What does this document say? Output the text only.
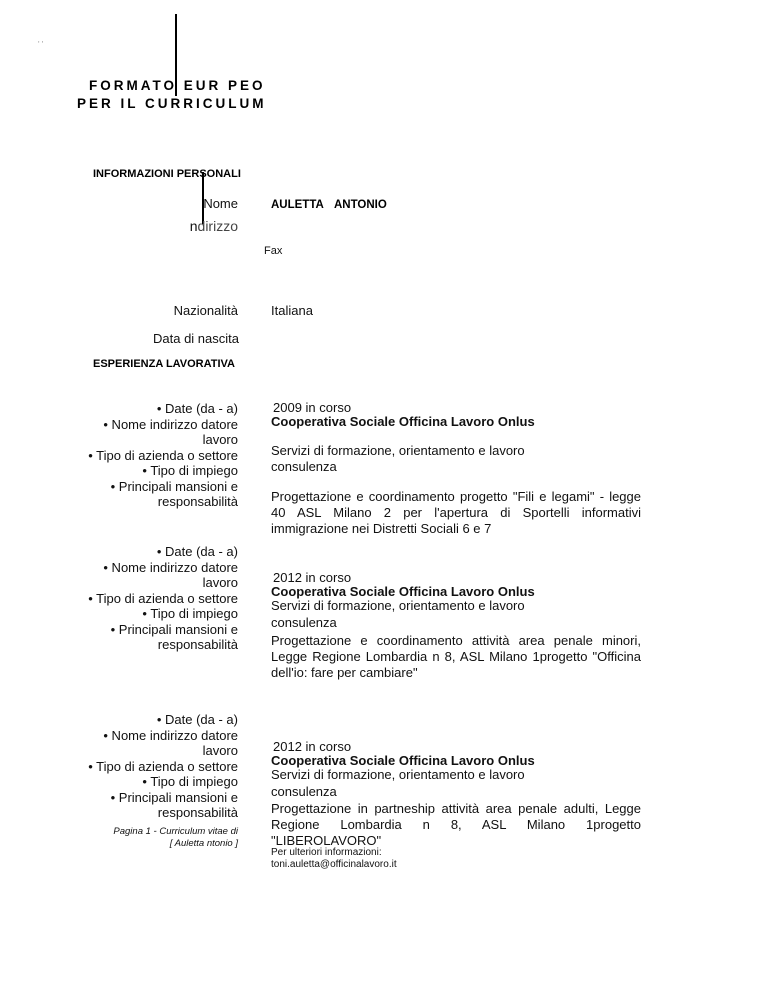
' '
FORMATO EUR PEO
PER IL CURRICULUM
INFORMAZIONI PERSONALI
Nome	AULETTA ANTONIO
ndirizzo
Fax
Nazionalità	Italiana
Data di nascita
ESPERIENZA LAVORATIVA
• Date (da - a)
• Nome indirizzo datore
lavoro
• Tipo di azienda o settore
• Tipo di impiego
• Principali mansioni e
responsabilità
2009 in corso
Cooperativa Sociale Officina Lavoro Onlus
Servizi di formazione, orientamento e lavoro
consulenza
Progettazione e coordinamento progetto "Fili e legami" - legge 40 ASL Milano 2 per l'apertura di Sportelli informativi immigrazione nei Distretti Sociali 6 e 7
• Date (da - a)
• Nome indirizzo datore
lavoro
• Tipo di azienda o settore
• Tipo di impiego
• Principali mansioni e
responsabilità
2012 in corso
Cooperativa Sociale Officina Lavoro Onlus
Servizi di formazione, orientamento e lavoro
consulenza
Progettazione e coordinamento attività area penale minori, Legge Regione Lombardia n 8, ASL Milano 1progetto "Officina dell'io: fare per cambiare"
• Date (da - a)
• Nome indirizzo datore
lavoro
• Tipo di azienda o settore
• Tipo di impiego
• Principali mansioni e
responsabilità
2012 in corso
Cooperativa Sociale Officina Lavoro Onlus
Servizi di formazione, orientamento e lavoro
consulenza
Progettazione in partneship attività area penale adulti, Legge Regione Lombardia n 8, ASL Milano 1progetto "LIBEROLAVORO"
Pagina 1 - Curriculum vitae di
[ Auletta ntonio ]
Per ulteriori informazioni:
toni.auletta@officinalavoro.it
